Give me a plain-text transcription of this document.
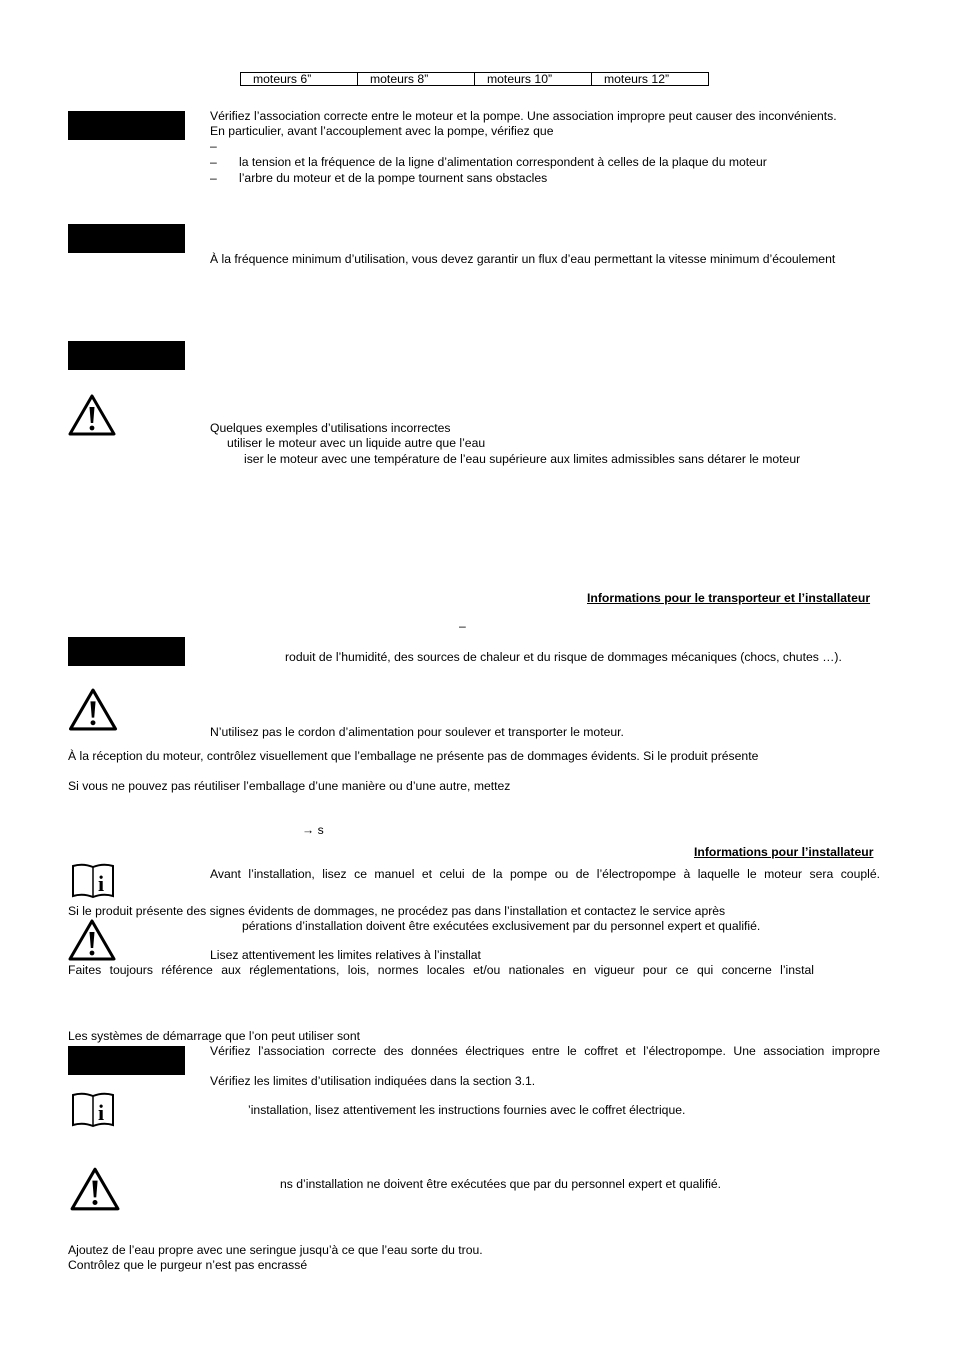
moteurs 6”	moteurs 8”	moteurs 10”	moteurs 12”
Vérifiez l’association correcte entre le moteur et la pompe. Une association impropre peut causer des inconvénients.
En particulier, avant l’accouplement avec la pompe, vérifiez que
–
– la tension et la fréquence de la ligne d’alimentation correspondent à celles de la plaque du moteur
– l’arbre du moteur et de la pompe tournent sans obstacles
À la fréquence minimum d’utilisation, vous devez garantir un flux d’eau permettant la vitesse minimum d’écoulement
Quelques exemples d’utilisations incorrectes
utiliser le moteur avec un liquide autre que l’eau
iser le moteur avec une température de l’eau supérieure aux limites admissibles sans détarer le moteur
Informations pour le transporteur et l’installateur
–
roduit de l’humidité, des sources de chaleur et du risque de dommages mécaniques (chocs, chutes …).
N’utilisez pas le cordon d’alimentation pour soulever et transporter le moteur.
À la réception du moteur, contrôlez visuellement que l’emballage ne présente pas de dommages évidents. Si le produit présente
Si vous ne pouvez pas réutiliser l’emballage d’une manière ou d’une autre, mettez
→ s
Informations pour l’installateur
i	Avant l’installation, lisez ce manuel et celui de la pompe ou de l’électropompe à laquelle le moteur sera couplé.
Si le produit présente des signes évidents de dommages, ne procédez pas dans l’installation et contactez le service après
pérations d’installation doivent être exécutées exclusivement par du personnel expert et qualifié.
Lisez attentivement les limites relatives à l’installat
Faites toujours référence aux réglementations, lois, normes locales et/ou nationales en vigueur pour ce qui concerne l’instal
Les systèmes de démarrage que l’on peut utiliser sont
Vérifiez l’association correcte des données électriques entre le coffret et l’électropompe. Une association impropre
Vérifiez les limites d’utilisation indiquées dans la section 3.1.
i	’installation, lisez attentivement les instructions fournies avec le coffret électrique.
ns d’installation ne doivent être exécutées que par du personnel expert et qualifié.
Ajoutez de l’eau propre avec une seringue jusqu’à ce que l’eau sorte du trou.
Contrôlez que le purgeur n’est pas encrassé
